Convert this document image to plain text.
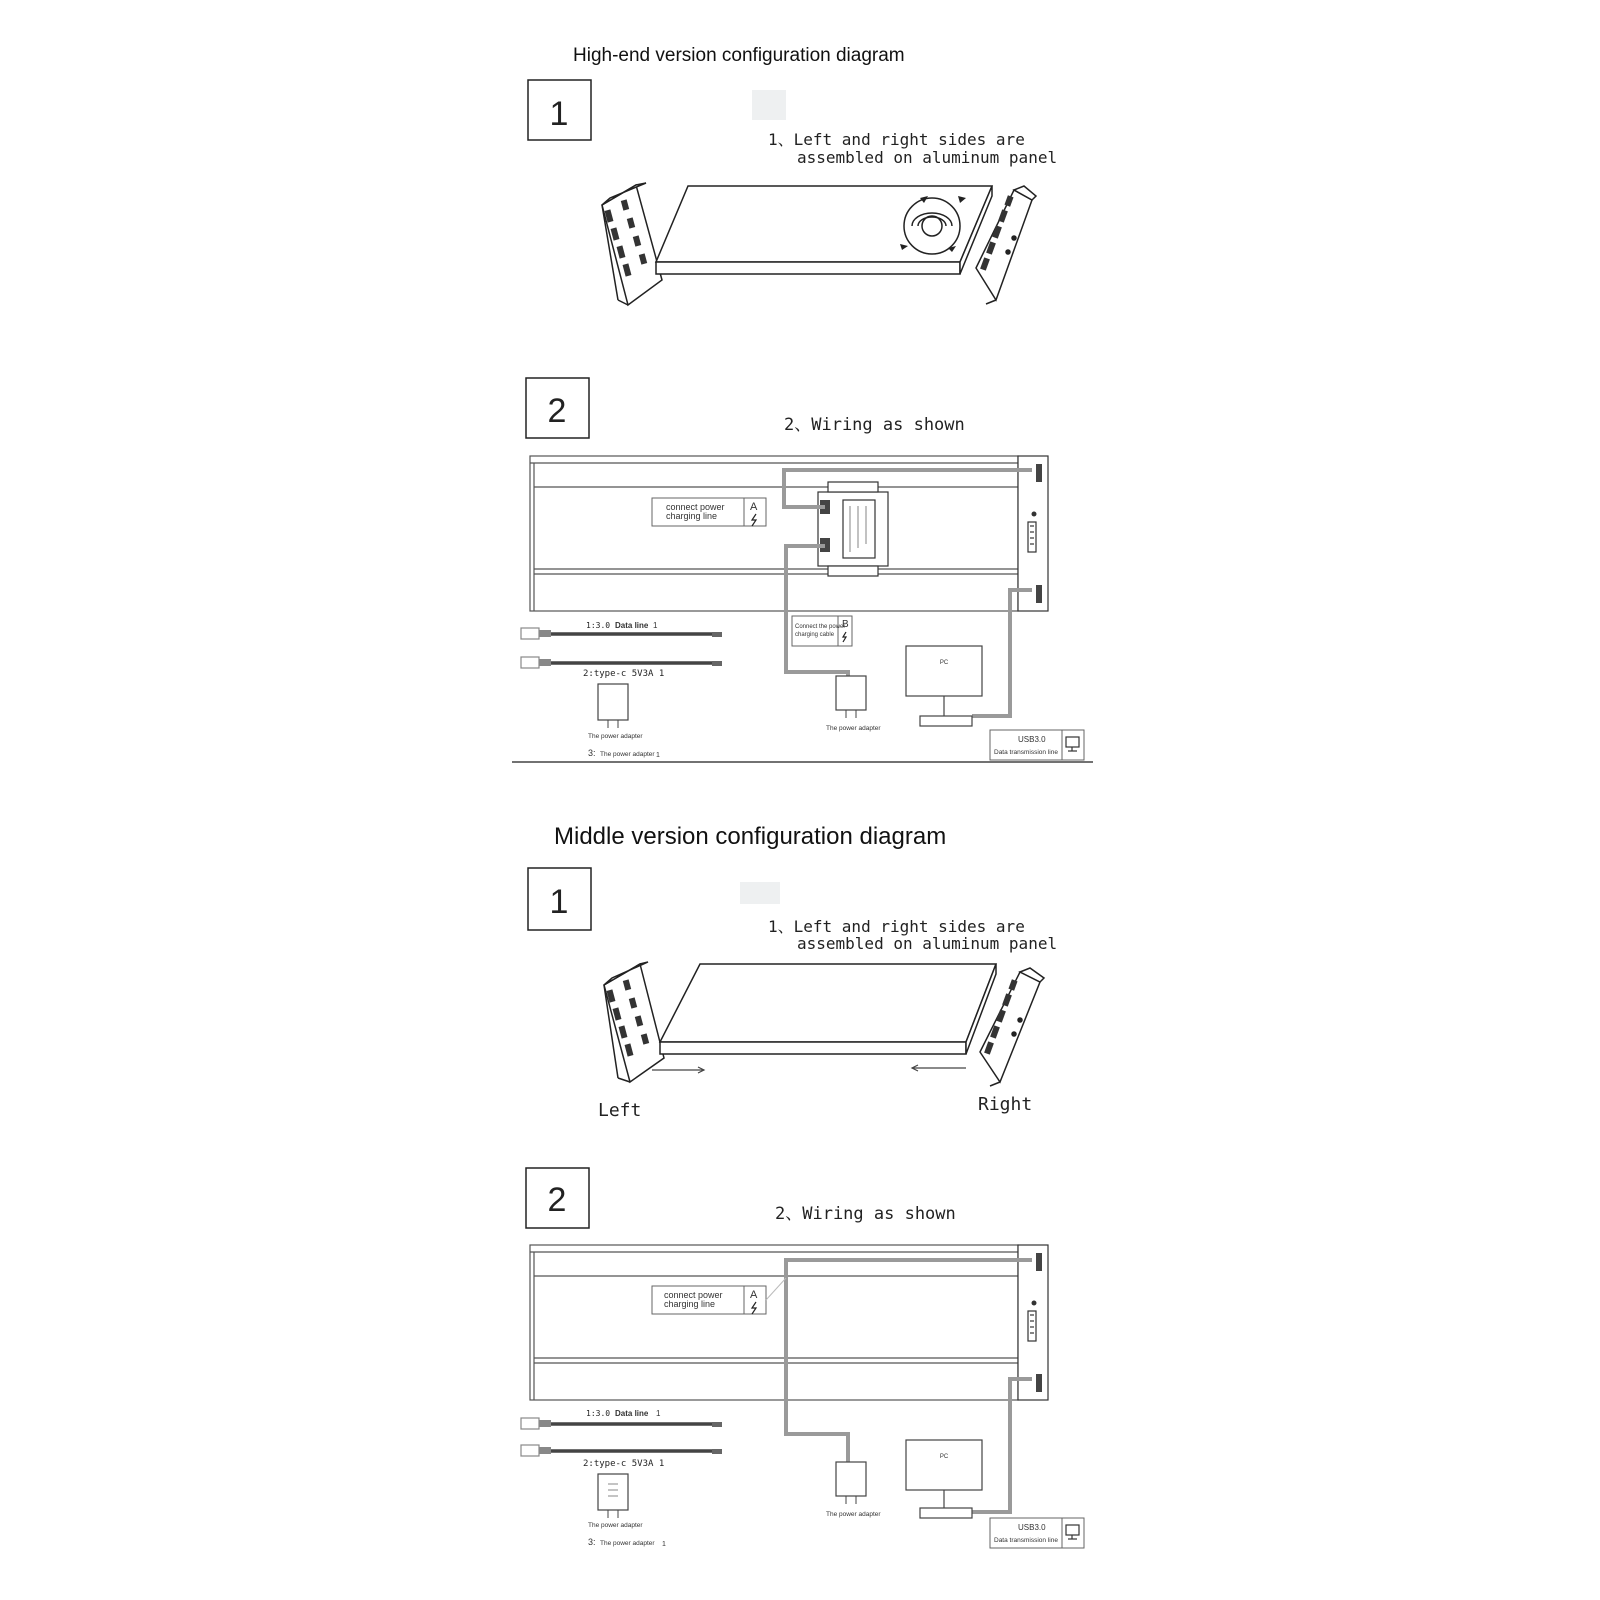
High-end version configuration diagram
1
1、Left and right sides are
assembled on aluminum panel
2	2、Wiring as shown
connect power
charging line
A
Connect the power
charging cable
B
The power adapter
PC
USB3.0
Data transmission line
1:3.0 Data line 1
2:type-c 5V3A 1
The power adapter
3: The power adapter 1
Middle version configuration diagram
1
1、Left and right sides are
assembled on aluminum panel
Left	Right
2	2、Wiring as shown
connect power
charging line
A
The power adapter
PC
USB3.0
Data transmission line
1:3.0 Data line 1
2:type-c 5V3A 1
The power adapter
3: The power adapter 1
